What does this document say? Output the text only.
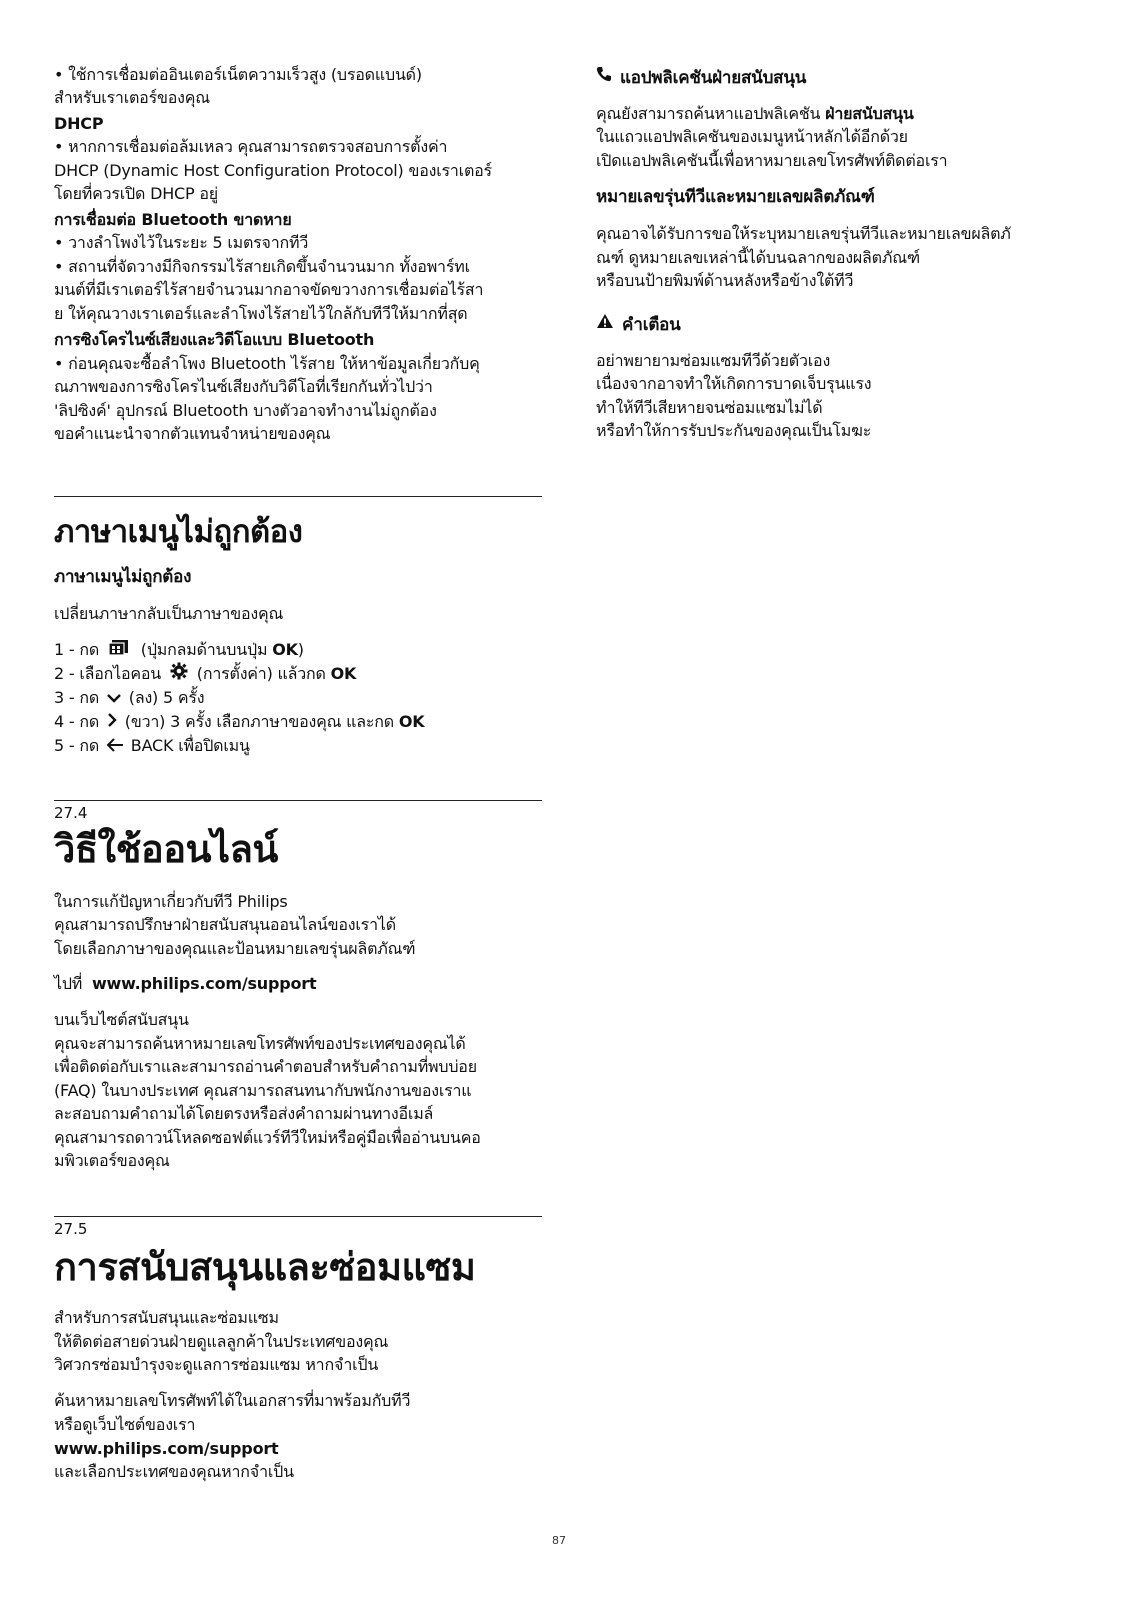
• ใช้การเชื่อมต่ออินเตอร์เน็ตความเร็วสูง (บรอดแบนด์)
สำหรับเราเตอร์ของคุณ
DHCP
• หากการเชื่อมต่อล้มเหลว คุณสามารถตรวจสอบการตั้งค่า
DHCP (Dynamic Host Configuration Protocol) ของเราเตอร์
โดยที่ควรเปิด DHCP อยู่
การเชื่อมต่อ Bluetooth ขาดหาย
• วางลำโพงไว้ในระยะ 5 เมตรจากทีวี
• สถานที่จัดวางมีกิจกรรมไร้สายเกิดขึ้นจำนวนมาก ทั้งอพาร์ทเ
มนต์ที่มีเราเตอร์ไร้สายจำนวนมากอาจขัดขวางการเชื่อมต่อไร้สา
ย ให้คุณวางเราเตอร์และลำโพงไร้สายไว้ใกล้กับทีวีให้มากที่สุด
การซิงโครไนซ์เสียงและวิดีโอแบบ Bluetooth
• ก่อนคุณจะซื้อลำโพง Bluetooth ไร้สาย ให้หาข้อมูลเกี่ยวกับคุ
ณภาพของการซิงโครไนซ์เสียงกับวิดีโอที่เรียกกันทั่วไปว่า
'ลิปซิงค์' อุปกรณ์ Bluetooth บางตัวอาจทำงานไม่ถูกต้อง
ขอคำแนะนำจากตัวแทนจำหน่ายของคุณ
ภาษาเมนูไม่ถูกต้อง
ภาษาเมนูไม่ถูกต้อง
เปลี่ยนภาษากลับเป็นภาษาของคุณ
1 - กด	(ปุ่มกลมด้านบนปุ่ม OK)
2 - เลือกไอคอน (การตั้งค่า) แล้วกด OK
3 - กด (ลง) 5 ครั้ง
4 - กด (ขวา) 3 ครั้ง เลือกภาษาของคุณ และกด OK
5 - กด BACK เพื่อปิดเมนู
27.4
วิธีใช้ออนไลน์
ในการแก้ปัญหาเกี่ยวกับทีวี Philips
คุณสามารถปรึกษาฝ่ายสนับสนุนออนไลน์ของเราได้
โดยเลือกภาษาของคุณและป้อนหมายเลขรุ่นผลิตภัณฑ์
ไปที่ www.philips.com/support
บนเว็บไซต์สนับสนุน
คุณจะสามารถค้นหาหมายเลขโทรศัพท์ของประเทศของคุณได้
เพื่อติดต่อกับเราและสามารถอ่านคำตอบสำหรับคำถามที่พบบ่อย
(FAQ) ในบางประเทศ คุณสามารถสนทนากับพนักงานของเราแ
ละสอบถามคำถามได้โดยตรงหรือส่งคำถามผ่านทางอีเมล์
คุณสามารถดาวน์โหลดซอฟต์แวร์ทีวีใหม่หรือคู่มือเพื่ออ่านบนคอ
มพิวเตอร์ของคุณ
27.5
การสนับสนุนและซ่อมแซม
สำหรับการสนับสนุนและซ่อมแซม
ให้ติดต่อสายด่วนฝ่ายดูแลลูกค้าในประเทศของคุณ
วิศวกรซ่อมบำรุงจะดูแลการซ่อมแซม หากจำเป็น
ค้นหาหมายเลขโทรศัพท์ได้ในเอกสารที่มาพร้อมกับทีวี
หรือดูเว็บไซต์ของเรา
www.philips.com/support
และเลือกประเทศของคุณหากจำเป็น
แอปพลิเคชันฝ่ายสนับสนุน
คุณยังสามารถค้นหาแอปพลิเคชัน ฝ่ายสนับสนุน
ในแถวแอปพลิเคชันของเมนูหน้าหลักได้อีกด้วย
เปิดแอปพลิเคชันนี้เพื่อหาหมายเลขโทรศัพท์ติดต่อเรา
หมายเลขรุ่นทีวีและหมายเลขผลิตภัณฑ์
คุณอาจได้รับการขอให้ระบุหมายเลขรุ่นทีวีและหมายเลขผลิตภั
ณฑ์ ดูหมายเลขเหล่านี้ได้บนฉลากของผลิตภัณฑ์
หรือบนป้ายพิมพ์ด้านหลังหรือข้างใต้ทีวี
คำเตือน
อย่าพยายามซ่อมแซมทีวีด้วยตัวเอง
เนื่องจากอาจทำให้เกิดการบาดเจ็บรุนแรง
ทำให้ทีวีเสียหายจนซ่อมแซมไม่ได้
หรือทำให้การรับประกันของคุณเป็นโมฆะ
87
